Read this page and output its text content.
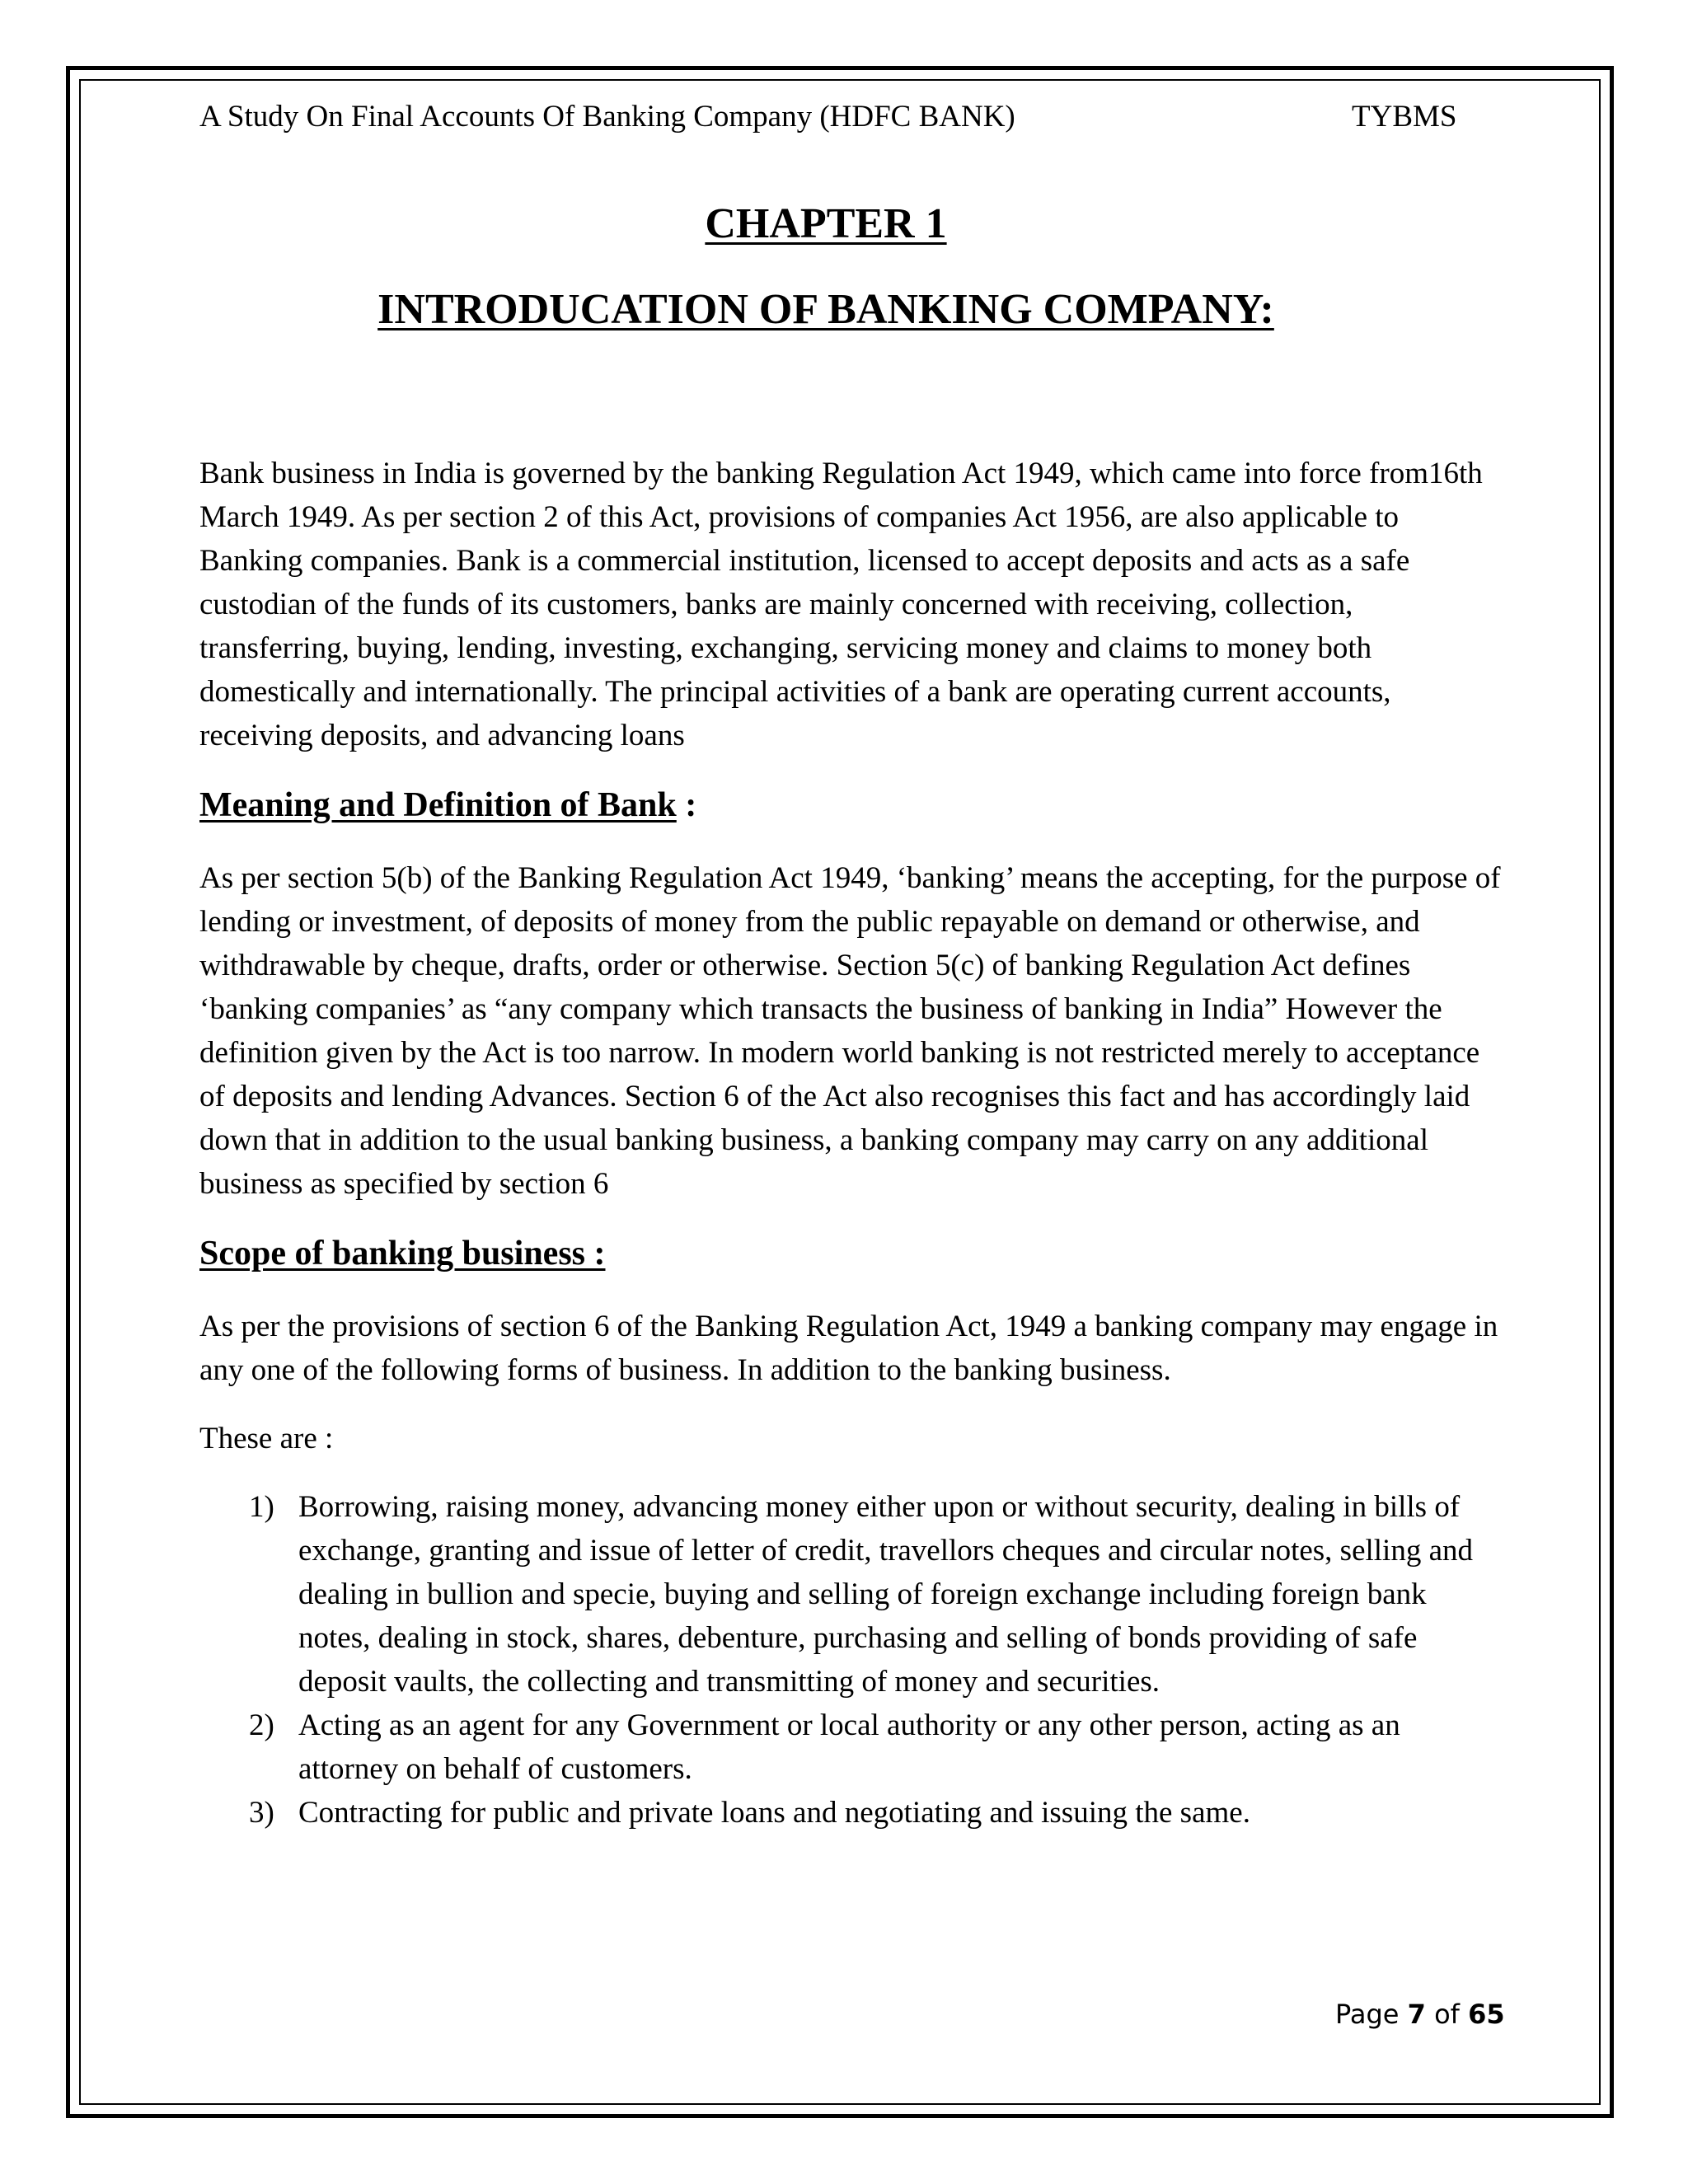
A Study On Final Accounts Of Banking Company (HDFC BANK)	TYBMS
CHAPTER 1
INTRODUCATION OF BANKING COMPANY:

Bank business in India is governed by the banking Regulation Act 1949, which came into force from16th March 1949. As per section 2 of this Act, provisions of companies Act 1956, are also applicable to Banking companies. Bank is a commercial institution, licensed to accept deposits and acts as a safe custodian of the funds of its customers, banks are mainly concerned with receiving, collection, transferring, buying, lending, investing, exchanging, servicing money and claims to money both domestically and internationally. The principal activities of a bank are operating current accounts, receiving deposits, and advancing loans

Meaning and Definition of Bank :

As per section 5(b) of the Banking Regulation Act 1949, ‘banking’ means the accepting, for the purpose of lending or investment, of deposits of money from the public repayable on demand or otherwise, and withdrawable by cheque, drafts, order or otherwise. Section 5(c) of banking Regulation Act defines ‘banking companies’ as “any company which transacts the business of banking in India” However the definition given by the Act is too narrow. In modern world banking is not restricted merely to acceptance of deposits and lending Advances. Section 6 of the Act also recognises this fact and has accordingly laid down that in addition to the usual banking business, a banking company may carry on any additional business as specified by section 6

Scope of banking business :

As per the provisions of section 6 of the Banking Regulation Act, 1949 a banking company may engage in any one of the following forms of business. In addition to the banking business.

These are :

1) Borrowing, raising money, advancing money either upon or without security, dealing in bills of exchange, granting and issue of letter of credit, travellors cheques and circular notes, selling and dealing in bullion and specie, buying and selling of foreign exchange including foreign bank notes, dealing in stock, shares, debenture, purchasing and selling of bonds providing of safe deposit vaults, the collecting and transmitting of money and securities.
2) Acting as an agent for any Government or local authority or any other person, acting as an attorney on behalf of customers.
3) Contracting for public and private loans and negotiating and issuing the same.
Page 7 of 65
